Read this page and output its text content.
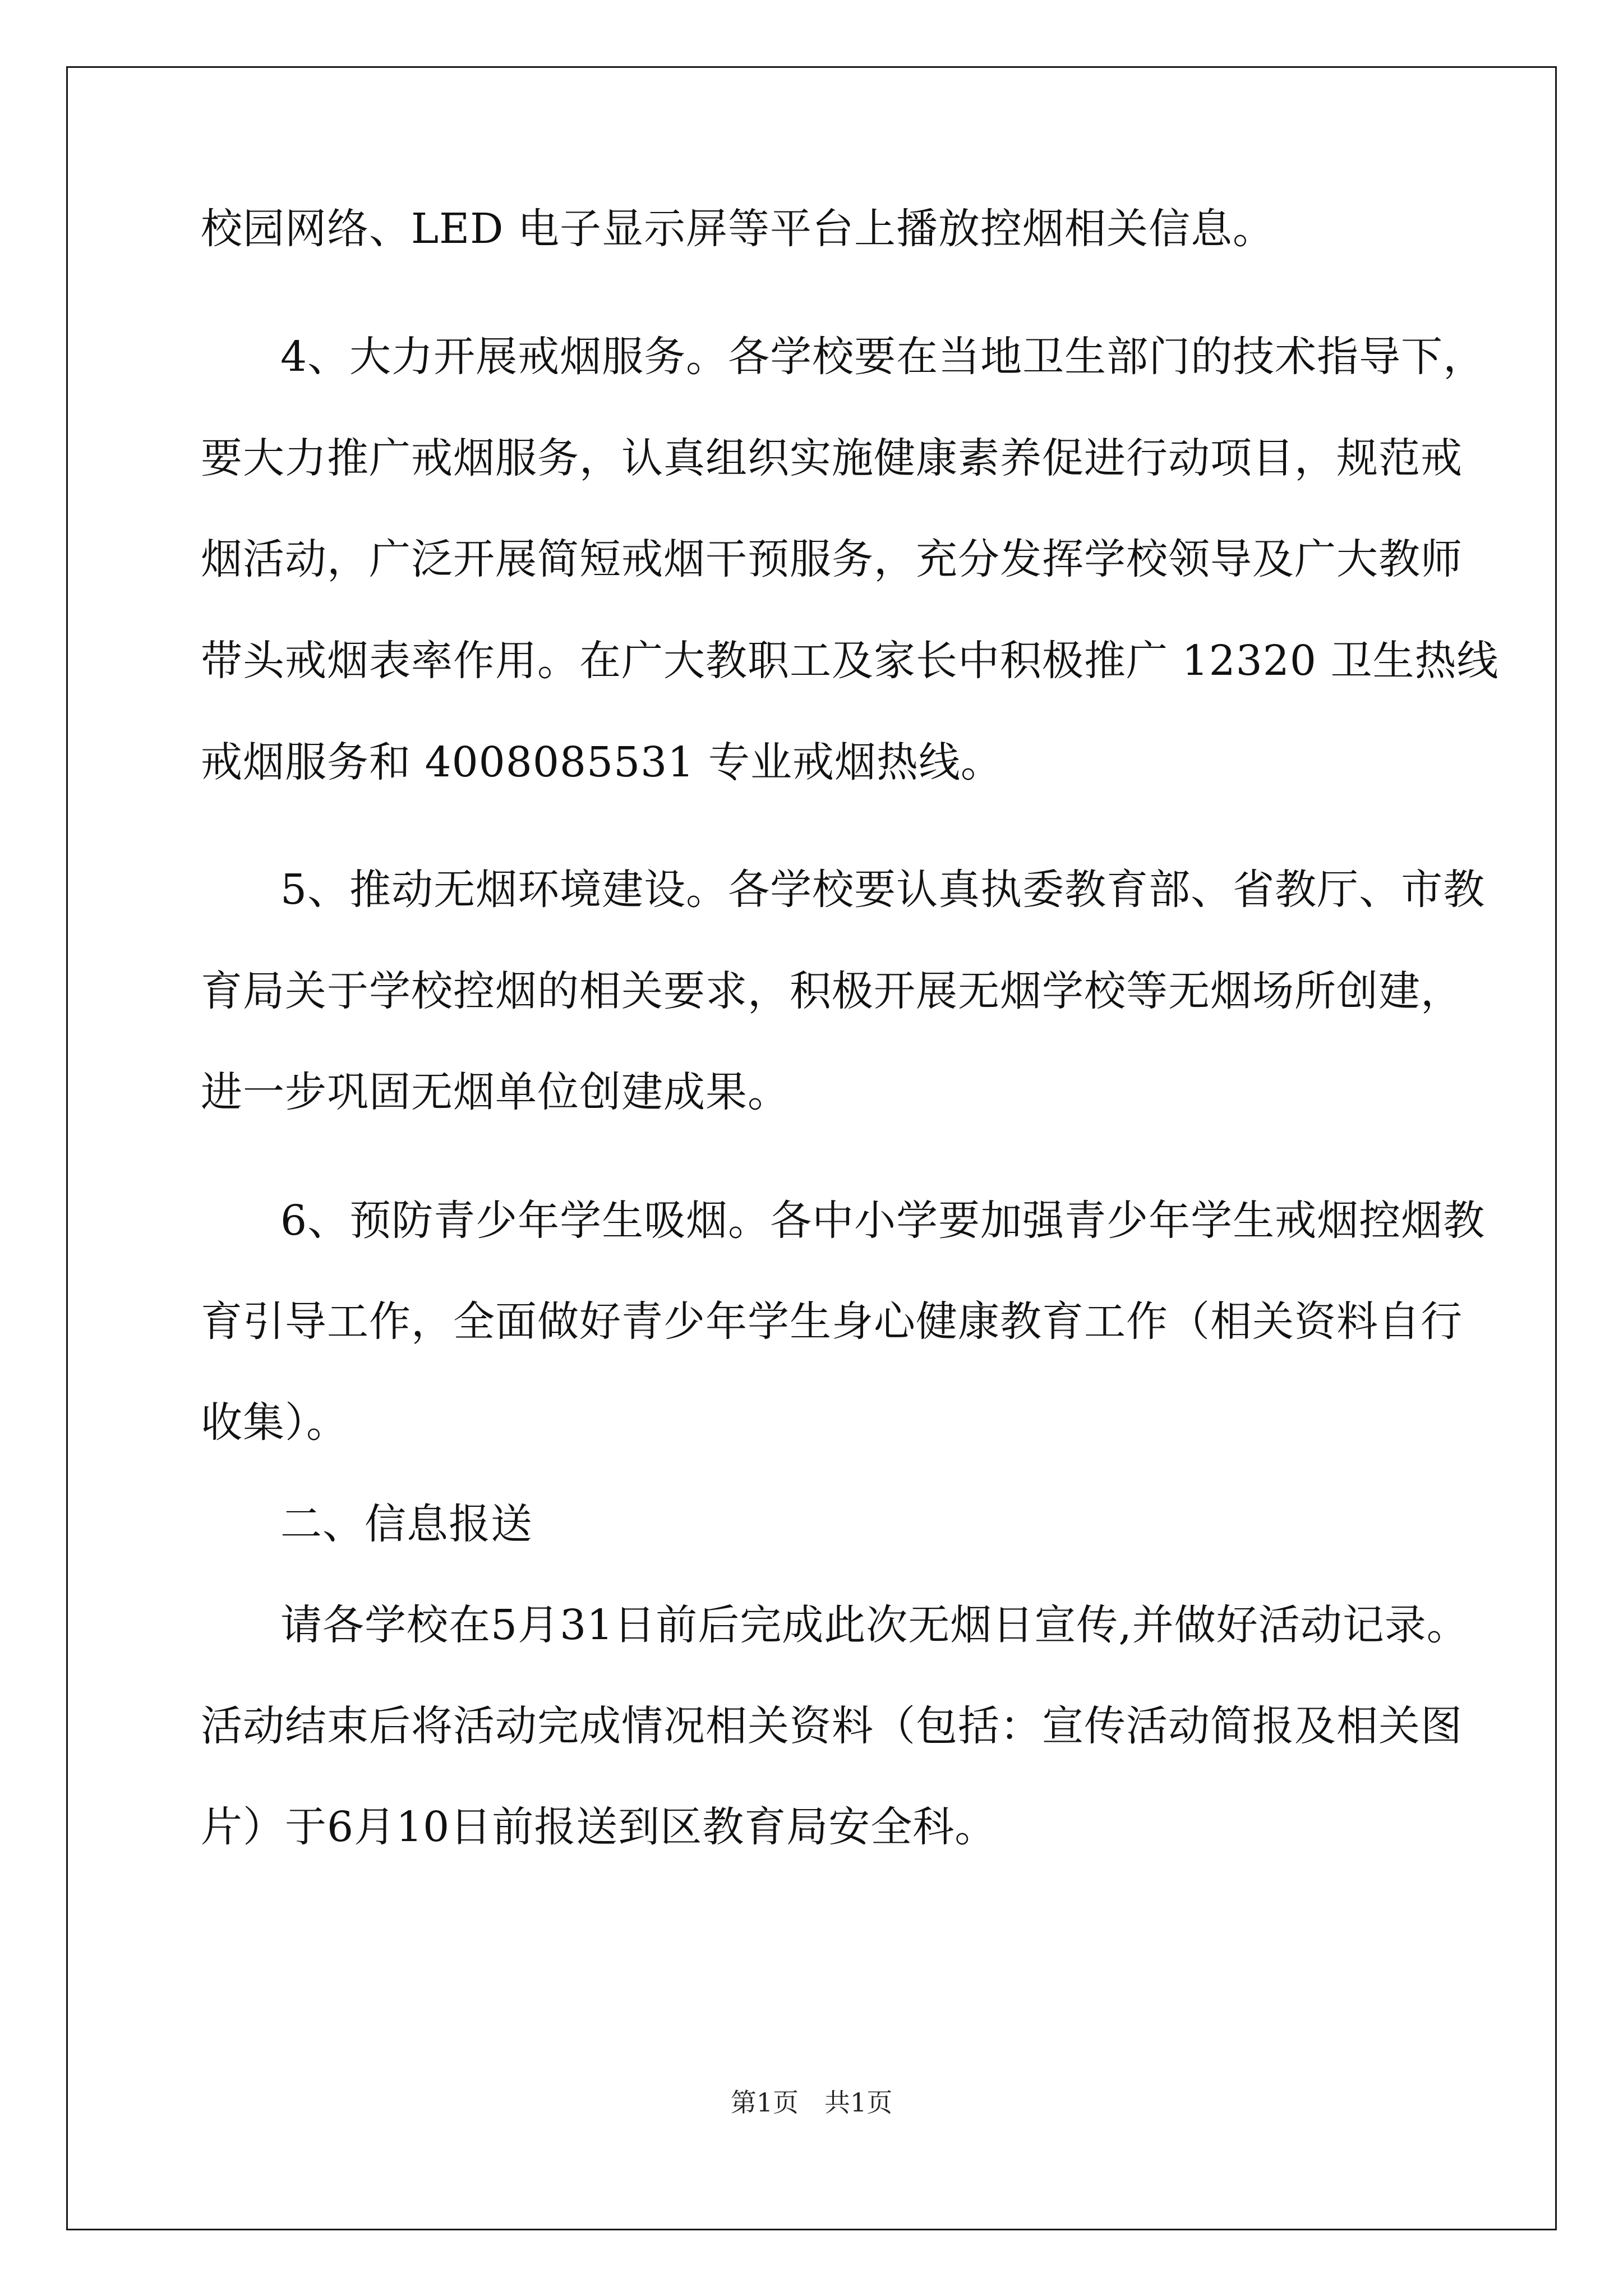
校园网络、LED 电子显示屏等平台上播放控烟相关信息。
4、大力开展戒烟服务。各学校要在当地卫生部门的技术指导下，
要大力推广戒烟服务，认真组织实施健康素养促进行动项目，规范戒
烟活动，广泛开展简短戒烟干预服务，充分发挥学校领导及广大教师
带头戒烟表率作用。在广大教职工及家长中积极推广 12320 卫生热线
戒烟服务和 4008085531 专业戒烟热线。
5、推动无烟环境建设。各学校要认真执委教育部、省教厅、市教
育局关于学校控烟的相关要求，积极开展无烟学校等无烟场所创建，
进一步巩固无烟单位创建成果。
6、预防青少年学生吸烟。各中小学要加强青少年学生戒烟控烟教
育引导工作，全面做好青少年学生身心健康教育工作（相关资料自行
收集）。
二、信息报送
请各学校在5月31日前后完成此次无烟日宣传,并做好活动记录。
活动结束后将活动完成情况相关资料（包括：宣传活动简报及相关图
片）于6月10日前报送到区教育局安全科。
第1页　共1页
